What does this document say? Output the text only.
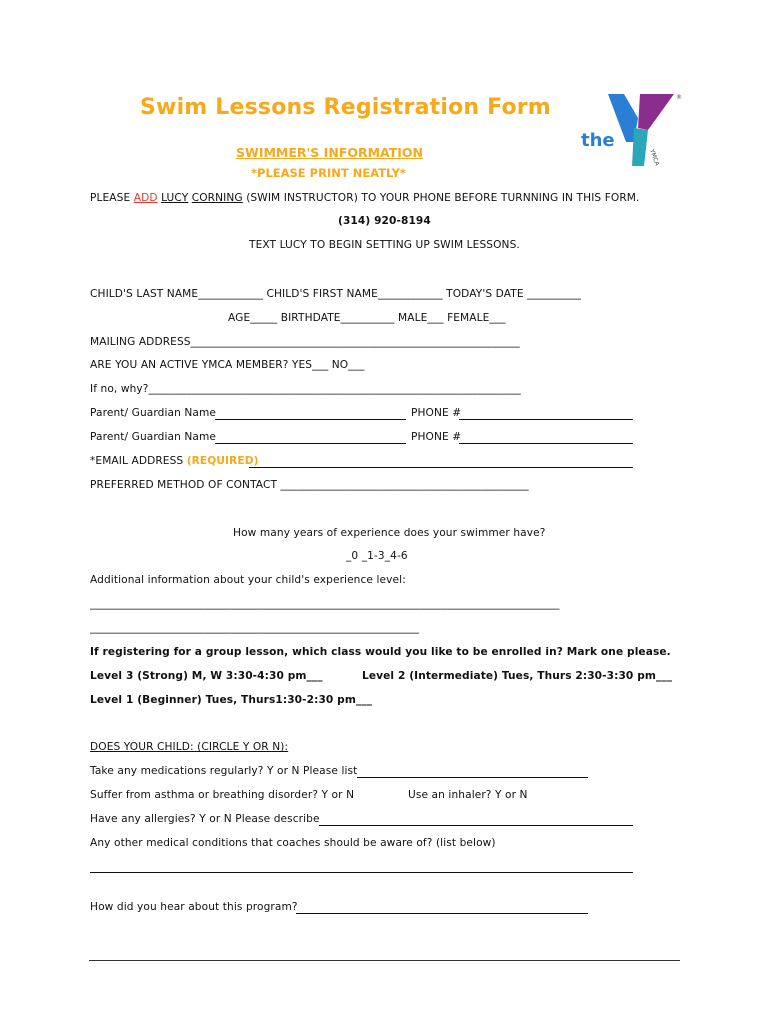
Swim Lessons Registration Form
the
YMCA
®
SWIMMER'S INFORMATION
*PLEASE PRINT NEATLY*
PLEASE ADD LUCY CORNING (SWIM INSTRUCTOR) TO YOUR PHONE BEFORE TURNNING IN THIS FORM.
(314) 920-8194
TEXT LUCY TO BEGIN SETTING UP SWIM LESSONS.
CHILD'S LAST NAME____________ CHILD'S FIRST NAME____________ TODAY'S DATE __________
AGE_____ BIRTHDATE__________ MALE___ FEMALE___
MAILING ADDRESS_____________________________________________________________
ARE YOU AN ACTIVE YMCA MEMBER? YES___ NO___
If no, why?_____________________________________________________________________
Parent/ Guardian Name	PHONE #
Parent/ Guardian Name	PHONE #
*EMAIL ADDRESS (REQUIRED)
PREFERRED METHOD OF CONTACT ______________________________________________
How many years of experience does your swimmer have?
_0 _1-3_4-6
Additional information about your child's experience level:
_______________________________________________________________________________________
_____________________________________________________________
If registering for a group lesson, which class would you like to be enrolled in? Mark one please.
Level 3 (Strong) M, W 3:30-4:30 pm___	Level 2 (Intermediate) Tues, Thurs 2:30-3:30 pm___
Level 1 (Beginner) Tues, Thurs1:30-2:30 pm___
DOES YOUR CHILD: (CIRCLE Y OR N):
Take any medications regularly? Y or N Please list
Suffer from asthma or breathing disorder? Y or N	Use an inhaler? Y or N
Have any allergies? Y or N Please describe
Any other medical conditions that coaches should be aware of? (list below)
How did you hear about this program?
